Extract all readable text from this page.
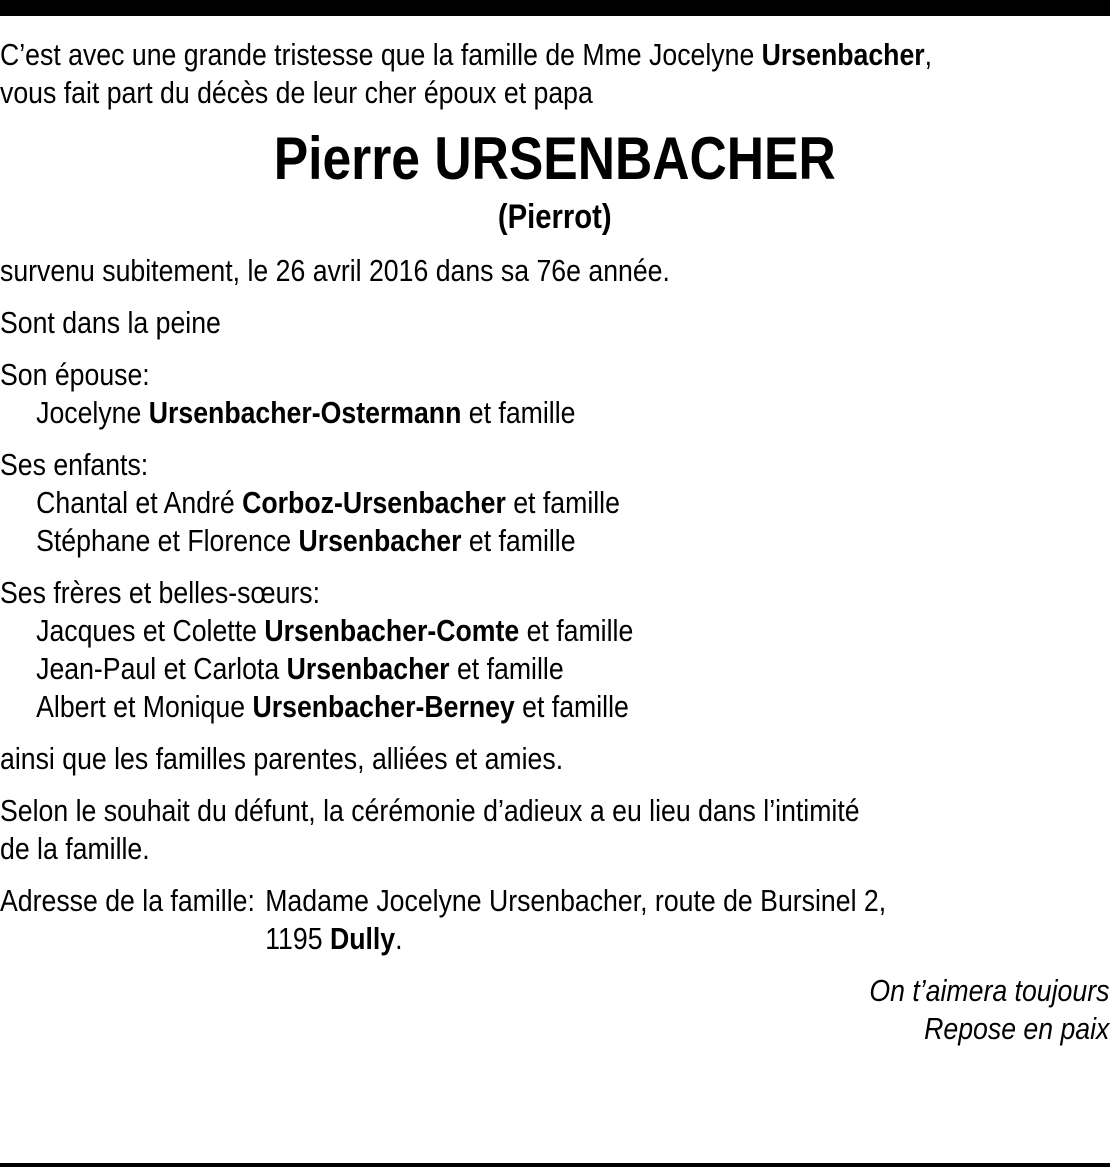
C’est avec une grande tristesse que la famille de Mme Jocelyne Ursenbacher,

vous fait part du décès de leur cher époux et papa

Pierre URSENBACHER

(Pierrot)

survenu subitement, le 26 avril 2016 dans sa 76e année.

Sont dans la peine

Son épouse:

Jocelyne Ursenbacher-Ostermann et famille

Ses enfants:

Chantal et André Corboz-Ursenbacher et famille

Stéphane et Florence Ursenbacher et famille

Ses frères et belles-sœurs:

Jacques et Colette Ursenbacher-Comte et famille

Jean-Paul et Carlota Ursenbacher et famille

Albert et Monique Ursenbacher-Berney et famille

ainsi que les familles parentes, alliées et amies.

Selon le souhait du défunt, la cérémonie d’adieux a eu lieu dans l’intimité

de la famille.

Adresse de la famille: Madame Jocelyne Ursenbacher, route de Bursinel 2,
1195 Dully.

On t’aimera toujours

Repose en paix
